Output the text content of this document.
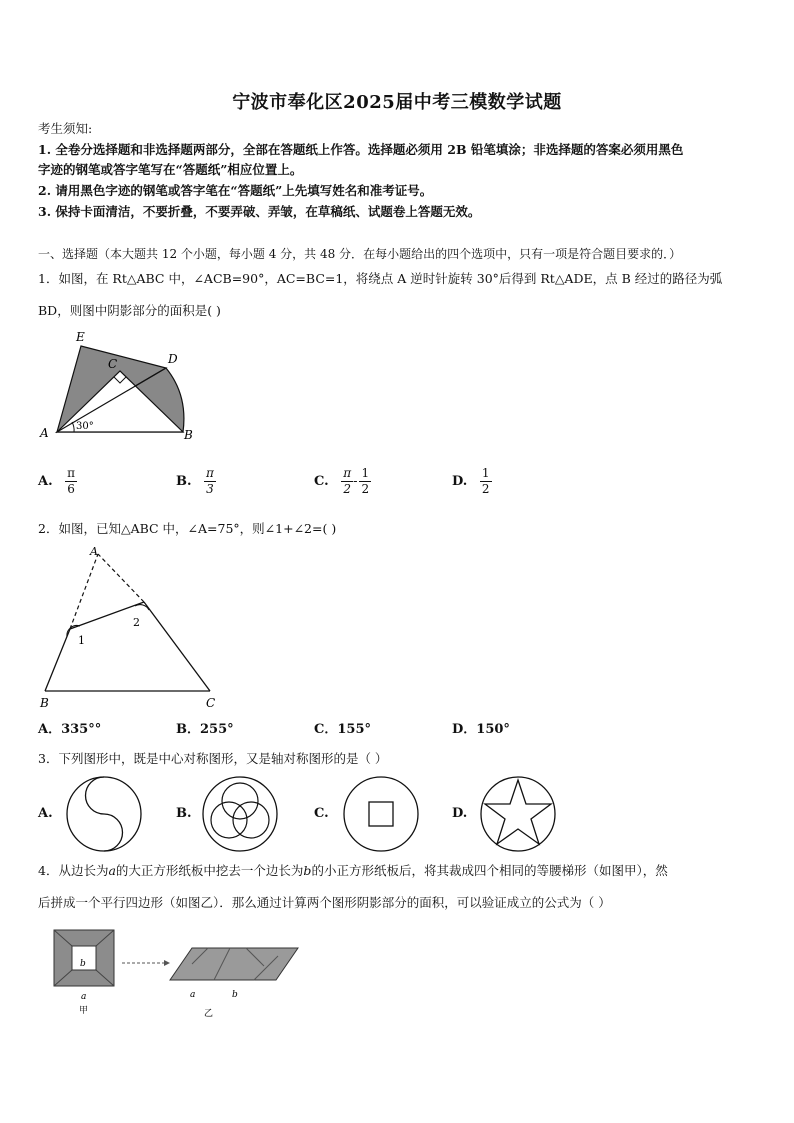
宁波市奉化区2025届中考三模数学试题
考生须知:
1. 全卷分选择题和非选择题两部分，全部在答题纸上作答。选择题必须用 2B 铅笔填涂；非选择题的答案必须用黑色
字迹的钢笔或答字笔写在“答题纸”相应位置上。
2. 请用黑色字迹的钢笔或答字笔在“答题纸”上先填写姓名和准考证号。
3. 保持卡面清洁，不要折叠，不要弄破、弄皱，在草稿纸、试题卷上答题无效。
一、选择题（本大题共 12 个小题，每小题 4 分，共 48 分．在每小题给出的四个选项中，只有一项是符合题目要求的．）
1．如图，在 Rt△ABC 中，∠ACB=90°，AC=BC=1，将绕点 A 逆时针旋转 30°后得到 Rt△ADE，点 B 经过的路径为弧
BD，则图中阴影部分的面积是( )
30°
E
C	D
A	B
A. $\frac{\pi}{6}$	B. $\frac{\pi}{3}$	C. $\frac{\pi}{2} - \frac{1}{2}$	D. $\frac{1}{2}$
2．如图，已知△ABC 中，∠A=75°，则∠1+∠2=( )
1
2
A
B	C
A．335°°	B．255°	C．155°	D．150°
3．下列图形中，既是中心对称图形，又是轴对称图形的是（ ）
A.	B.	C.	D.
4．从边长为a的大正方形纸板中挖去一个边长为b的小正方形纸板后，将其裁成四个相同的等腰梯形（如图甲），然
后拼成一个平行四边形（如图乙）．那么通过计算两个图形阴影部分的面积，可以验证成立的公式为（ ）
b
a
甲
a	b
乙
